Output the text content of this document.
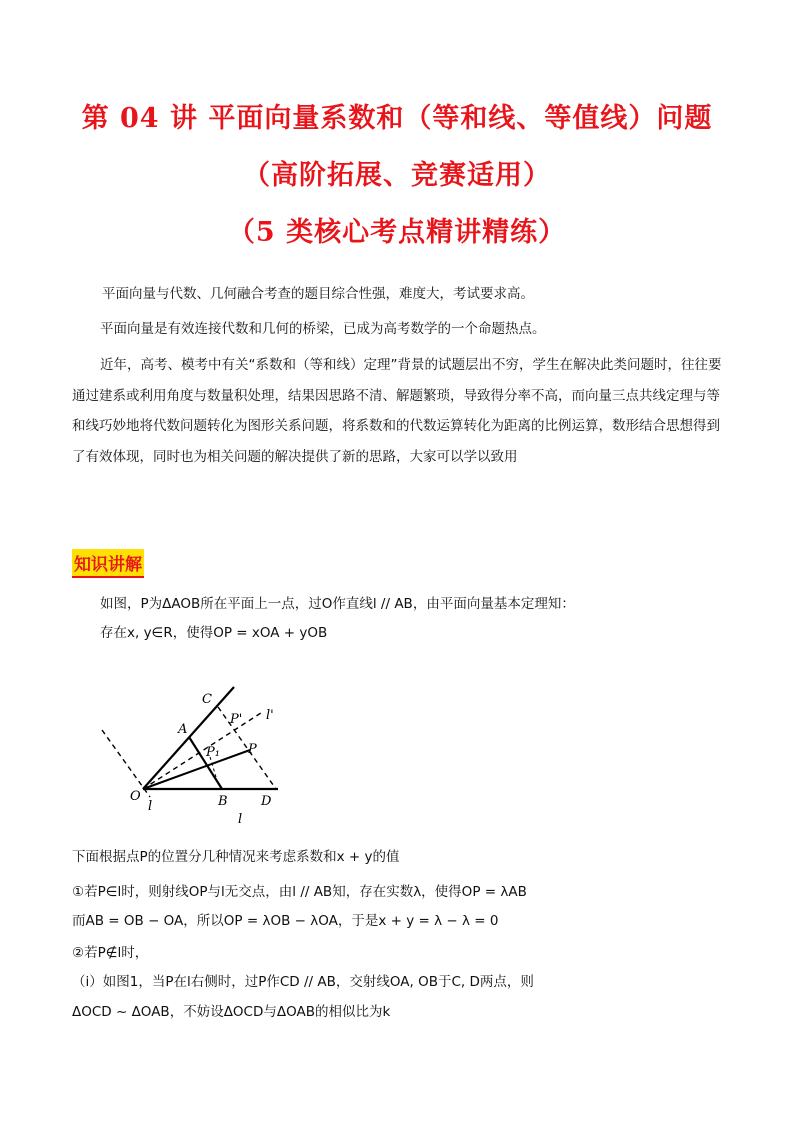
第 04 讲 平面向量系数和（等和线、等值线）问题
（高阶拓展、竞赛适用）
（5 类核心考点精讲精练）
平面向量与代数、几何融合考查的题目综合性强，难度大，考试要求高。
平面向量是有效连接代数和几何的桥梁，已成为高考数学的一个命题热点。
近年，高考、模考中有关“系数和（等和线）定理”背景的试题层出不穷，学生在解决此类问题时，往往要通过建系或利用角度与数量积处理，结果因思路不清、解题繁琐，导致得分率不高，而向量三点共线定理与等和线巧妙地将代数问题转化为图形关系问题，将系数和的代数运算转化为距离的比例运算，数形结合思想得到了有效体现，同时也为相关问题的解决提供了新的思路，大家可以学以致用
知识讲解
如图，P为ΔAOB所在平面上一点，过O作直线l // AB，由平面向量基本定理知：
存在x, y∈R，使得OP = xOA + yOB
C
A
P' l'
P₁ P
O	B	D
l
l
下面根据点P的位置分几种情况来考虑系数和x + y的值
①若P∈l时，则射线OP与l无交点，由l // AB知，存在实数λ，使得OP = λAB
而AB = OB − OA，所以OP = λOB − λOA，于是x + y = λ − λ = 0
②若P∉l时，
（i）如图1，当P在l右侧时，过P作CD // AB，交射线OA, OB于C, D两点，则
ΔOCD ~ ΔOAB，不妨设ΔOCD与ΔOAB的相似比为k
